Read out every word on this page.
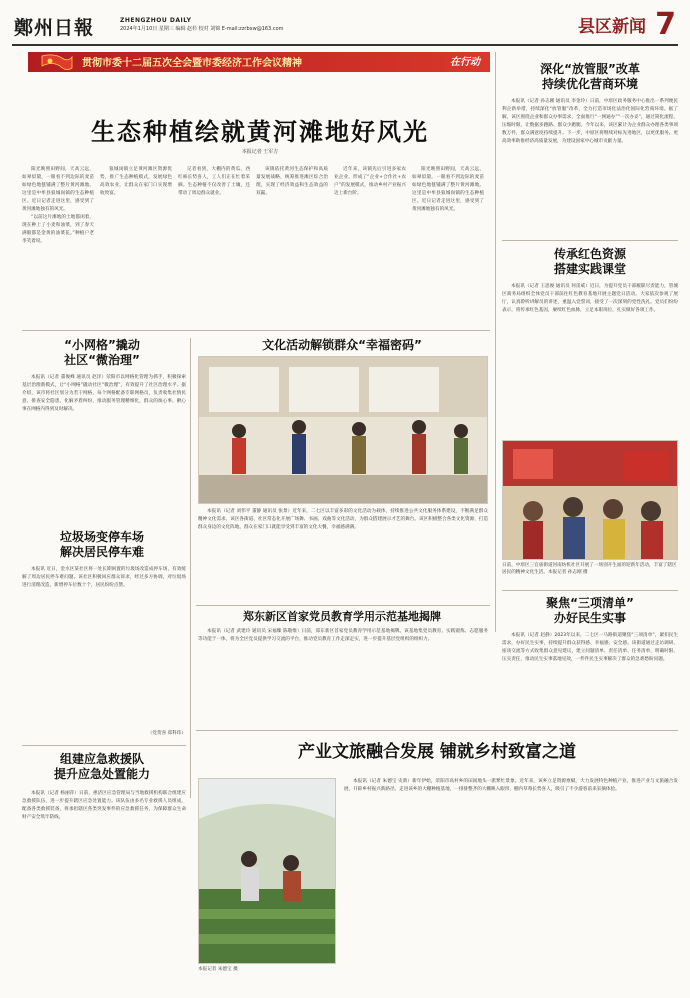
鄭州日報	ZHENGZHOU DAILY
2024年1月10日 星期三 编辑 赵杉 校对 刘锦 E-mail:zzrbxw@163.com	县区新闻 7
贯彻市委十二届五次全会暨市委经济工作会议精神	在行动
生态种植绘就黄河滩地好风光
本报记者 王军方

阳光映照田野间，天高云远，如翠似黛，一眼看不到边际的麦苗如绿色地毯铺满了整片黄河滩地。这里是中牟县狼城岗镇的生态种植区。近日记者走进这里，感受到了黄河滩地独有的风光。

“以前这片滩地的土地都闲着，现在种上了小麦和油菜，到了春天满眼都是金黄的油菜花。”种植户老李笑着说。

狼城岗镇立足黄河滩区资源优势，推广生态种植模式，发展绿色高效农业，让群众在家门口实现增收致富。

记者看到，大棚内的黄瓜、西红柿长势喜人，工人们正在忙着采摘。生态种植不仅改善了土壤，还带动了周边群众就业。

该镇依托黄河生态保护和高质量发展战略，统筹推进滩区综合治理，实现了经济效益和生态效益的双赢。

近年来，该镇先后引进多家农业企业，形成了“企业+合作社+农户”的发展模式，推动乡村产业振兴迈上新台阶。

阳光映照田野间，天高云远，如翠似黛，一眼看不到边际的麦苗如绿色地毯铺满了整片黄河滩地。这里是中牟县狼城岗镇的生态种植区。近日记者走进这里，感受到了黄河滩地独有的风光。

深化“放管服”改革
持续优化营商环境

本报讯（记者 孙志刚 通讯员 李金玲）日前，中原区政务服务中心推出一系列便民利企新举措，持续深化“放管服”改革，全力打造市场化法治化国际化营商环境。据了解，该区围绕企业和群众办事需求，全面推行“一网通办”“一次办妥”，通过简化流程、压缩时限，让数据多跑路、群众少跑腿。今年以来，该区累计为企业群众办理各类事项数万件，群众满意度持续提升。下一步，中原区将继续对标先进地区，以更优服务、更高效率助推经济高质量发展，为建设国家中心城市贡献力量。

传承红色资源
搭建实践课堂

本报讯（记者 王思俊 通讯员 何雷威）近日，为提升党员干部履职尽责能力，管城区商务局组织全体党员干部前往红色教育基地开展主题党日活动。大家依次参观了展厅，认真聆听讲解员的讲述，重温入党誓词，接受了一次深刻的党性洗礼。党员们纷纷表示，将传承红色基因，赓续红色血脉，立足本职岗位，扎实做好各项工作。

日前，中原区三官庙街道河南纺机社区开展了一场别开生面的迎新年活动，丰富了辖区居民的精神文化生活。本报记者 孙志刚 摄
聚焦“三项清单”
办好民生实事

本报讯（记者 赵静）2023年以来，二七区一马路街道聚焦“三项清单”，紧扣民生需求，办好民生实事，持续提升群众获得感、幸福感、安全感。该街道通过走访调研、座谈交流等方式收集群众意见建议，建立问题清单、责任清单、任务清单，明确时限、压实责任，推动民生实事落地见效，一件件民生实事解决了群众的急难愁盼问题。

“小网格”撬动
社区“微治理”

本报讯（记者 董俊峰 通讯员 赵洋）荥阳市以网格化管理为抓手，积极探索基层治理新模式，让“小网格”撬动社区“微治理”，有效提升了社区治理水平。据介绍，该市将社区划分为若干网格，每个网格配备专职网格员，负责收集社情民意、排查安全隐患、化解矛盾纠纷，推动服务管理精细化，群众的烦心事、揪心事在网格内得到及时解决。

文化活动解锁群众“幸福密码”

本报讯（记者 刘伟平 董静 通讯员 张景）近年来，二七区以丰富多彩的文化活动为载体，持续推进公共文化服务体系建设，不断满足群众精神文化需求。该区各街道、社区常态化开展广场舞、书画、戏曲等文化活动，为群众搭建展示才艺的舞台。该区积极整合各类文化资源，打造群众身边的文化阵地，群众在家门口就能享受到丰富的文化大餐，幸福感满满。

垃圾场变停车场
解决居民停车难

本报讯 近日，金水区某社区将一处长期闲置的垃圾场改造成停车场，有效缓解了周边居民停车难问题。该社区积极回应群众诉求，经过多方协调，对垃圾场进行清理改造，新增停车位数十个，居民纷纷点赞。

（党贺喜 郑科玮）
郑东新区首家党员教育学用示范基地揭牌

本报讯（记者 武建玲 通讯员 宋福臻 陈敬维）日前，郑东新区首家党员教育学用示范基地揭牌。该基地集党员教育、实践锻炼、志愿服务等功能于一体，将为全区党员提供学习交流的平台，推动党员教育工作走深走实，进一步提升基层党组织的组织力。

组建应急救援队
提升应急处置能力

本报讯（记者 杨丽萍）日前，惠济区应急管理局与当地救援机构联合组建应急救援队伍，进一步提升辖区应急处置能力。该队伍由多名专业救援人员组成，配备各类救援装备，将承担辖区各类突发事件的应急救援任务，为保障群众生命财产安全筑牢防线。

产业文旅融合发展 铺就乡村致富之道
本报记者 朱德宝 摄

本报讯（记者 朱德宝 史新）新年伊始，荥阳市高村乡的田间地头一派繁忙景象。近年来，该乡立足资源禀赋，大力发展特色种植产业，推进产业与文旅融合发展，开辟乡村振兴新路径。走进该乡的大棚种植基地，一排排整齐的大棚映入眼帘，棚内草莓长势喜人，吸引了不少游客前来采摘体验。
